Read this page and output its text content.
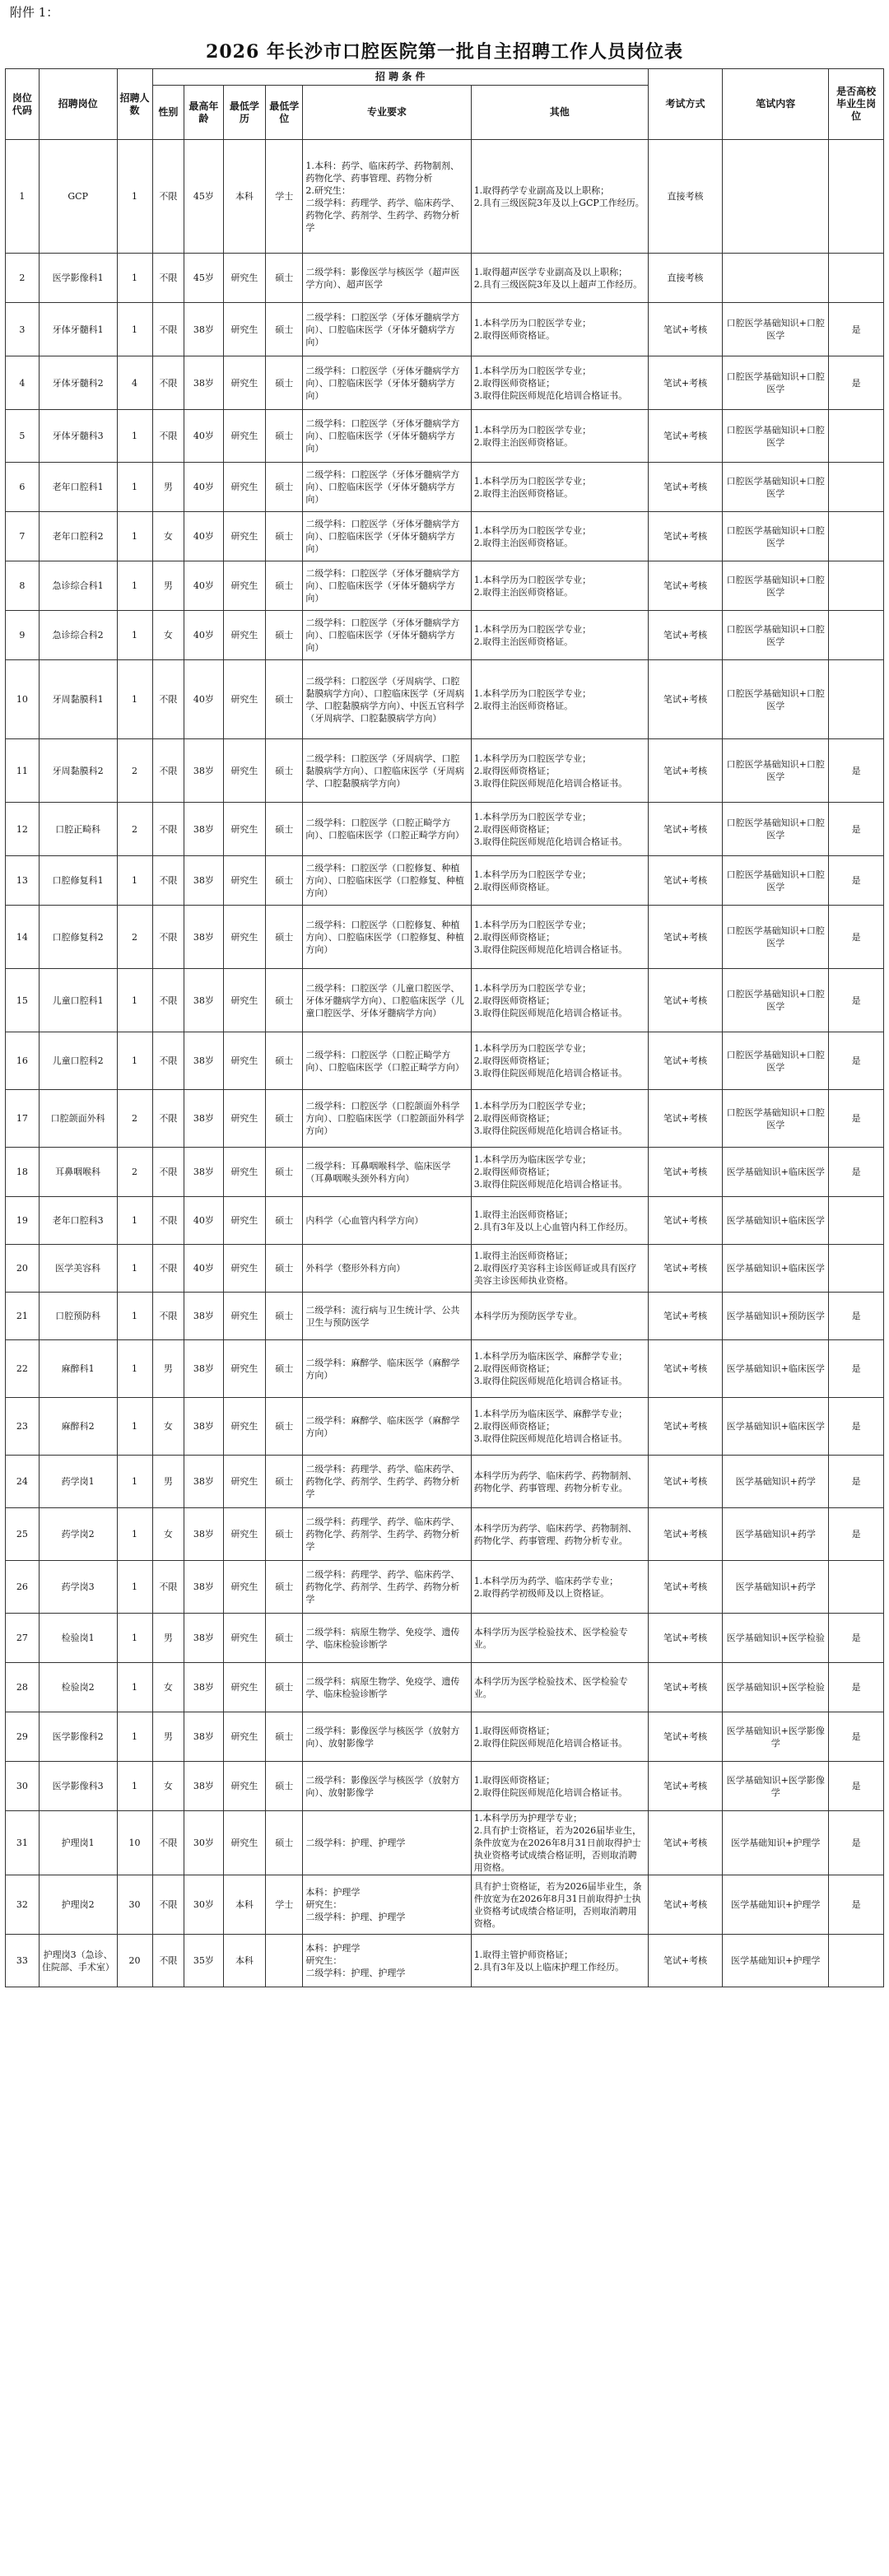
附件 1：
2026 年长沙市口腔医院第一批自主招聘工作人员岗位表
岗位代码	招聘岗位	招聘人数	招 聘 条 件						考试方式	笔试内容	是否高校毕业生岗位
			性别	最高年龄	最低学历	最低学位	专业要求	其他			
1	GCP	1	不限	45岁	本科	学士	1.本科：药学、临床药学、药物制剂、药物化学、药事管理、药物分析
2.研究生：
二级学科：药理学、药学、临床药学、药物化学、药剂学、生药学、药物分析学	1.取得药学专业副高及以上职称；
2.具有三级医院3年及以上GCP工作经历。	直接考核		
2	医学影像科1	1	不限	45岁	研究生	硕士	二级学科：影像医学与核医学（超声医学方向）、超声医学	1.取得超声医学专业副高及以上职称；
2.具有三级医院3年及以上超声工作经历。	直接考核		
3	牙体牙髓科1	1	不限	38岁	研究生	硕士	二级学科：口腔医学（牙体牙髓病学方向）、口腔临床医学（牙体牙髓病学方向）	1.本科学历为口腔医学专业；
2.取得医师资格证。	笔试+考核	口腔医学基础知识+口腔医学	是
4	牙体牙髓科2	4	不限	38岁	研究生	硕士	二级学科：口腔医学（牙体牙髓病学方向）、口腔临床医学（牙体牙髓病学方向）	1.本科学历为口腔医学专业；
2.取得医师资格证；
3.取得住院医师规范化培训合格证书。	笔试+考核	口腔医学基础知识+口腔医学	是
5	牙体牙髓科3	1	不限	40岁	研究生	硕士	二级学科：口腔医学（牙体牙髓病学方向）、口腔临床医学（牙体牙髓病学方向）	1.本科学历为口腔医学专业；
2.取得主治医师资格证。	笔试+考核	口腔医学基础知识+口腔医学	
6	老年口腔科1	1	男	40岁	研究生	硕士	二级学科：口腔医学（牙体牙髓病学方向）、口腔临床医学（牙体牙髓病学方向）	1.本科学历为口腔医学专业；
2.取得主治医师资格证。	笔试+考核	口腔医学基础知识+口腔医学	
7	老年口腔科2	1	女	40岁	研究生	硕士	二级学科：口腔医学（牙体牙髓病学方向）、口腔临床医学（牙体牙髓病学方向）	1.本科学历为口腔医学专业；
2.取得主治医师资格证。	笔试+考核	口腔医学基础知识+口腔医学	
8	急诊综合科1	1	男	40岁	研究生	硕士	二级学科：口腔医学（牙体牙髓病学方向）、口腔临床医学（牙体牙髓病学方向）	1.本科学历为口腔医学专业；
2.取得主治医师资格证。	笔试+考核	口腔医学基础知识+口腔医学	
9	急诊综合科2	1	女	40岁	研究生	硕士	二级学科：口腔医学（牙体牙髓病学方向）、口腔临床医学（牙体牙髓病学方向）	1.本科学历为口腔医学专业；
2.取得主治医师资格证。	笔试+考核	口腔医学基础知识+口腔医学	
10	牙周黏膜科1	1	不限	40岁	研究生	硕士	二级学科：口腔医学（牙周病学、口腔黏膜病学方向）、口腔临床医学（牙周病学、口腔黏膜病学方向）、中医五官科学（牙周病学、口腔黏膜病学方向）	1.本科学历为口腔医学专业；
2.取得主治医师资格证。	笔试+考核	口腔医学基础知识+口腔医学	
11	牙周黏膜科2	2	不限	38岁	研究生	硕士	二级学科：口腔医学（牙周病学、口腔黏膜病学方向）、口腔临床医学（牙周病学、口腔黏膜病学方向）	1.本科学历为口腔医学专业；
2.取得医师资格证；
3.取得住院医师规范化培训合格证书。	笔试+考核	口腔医学基础知识+口腔医学	是
12	口腔正畸科	2	不限	38岁	研究生	硕士	二级学科：口腔医学（口腔正畸学方向）、口腔临床医学（口腔正畸学方向）	1.本科学历为口腔医学专业；
2.取得医师资格证；
3.取得住院医师规范化培训合格证书。	笔试+考核	口腔医学基础知识+口腔医学	是
13	口腔修复科1	1	不限	38岁	研究生	硕士	二级学科：口腔医学（口腔修复、种植方向）、口腔临床医学（口腔修复、种植方向）	1.本科学历为口腔医学专业；
2.取得医师资格证。	笔试+考核	口腔医学基础知识+口腔医学	是
14	口腔修复科2	2	不限	38岁	研究生	硕士	二级学科：口腔医学（口腔修复、种植方向）、口腔临床医学（口腔修复、种植方向）	1.本科学历为口腔医学专业；
2.取得医师资格证；
3.取得住院医师规范化培训合格证书。	笔试+考核	口腔医学基础知识+口腔医学	是
15	儿童口腔科1	1	不限	38岁	研究生	硕士	二级学科：口腔医学（儿童口腔医学、牙体牙髓病学方向）、口腔临床医学（儿童口腔医学、牙体牙髓病学方向）	1.本科学历为口腔医学专业；
2.取得医师资格证；
3.取得住院医师规范化培训合格证书。	笔试+考核	口腔医学基础知识+口腔医学	是
16	儿童口腔科2	1	不限	38岁	研究生	硕士	二级学科：口腔医学（口腔正畸学方向）、口腔临床医学（口腔正畸学方向）	1.本科学历为口腔医学专业；
2.取得医师资格证；
3.取得住院医师规范化培训合格证书。	笔试+考核	口腔医学基础知识+口腔医学	是
17	口腔颌面外科	2	不限	38岁	研究生	硕士	二级学科：口腔医学（口腔颌面外科学方向）、口腔临床医学（口腔颌面外科学方向）	1.本科学历为口腔医学专业；
2.取得医师资格证；
3.取得住院医师规范化培训合格证书。	笔试+考核	口腔医学基础知识+口腔医学	是
18	耳鼻咽喉科	2	不限	38岁	研究生	硕士	二级学科：耳鼻咽喉科学、临床医学（耳鼻咽喉头颈外科方向）	1.本科学历为临床医学专业；
2.取得医师资格证；
3.取得住院医师规范化培训合格证书。	笔试+考核	医学基础知识+临床医学	是
19	老年口腔科3	1	不限	40岁	研究生	硕士	内科学（心血管内科学方向）	1.取得主治医师资格证；
2.具有3年及以上心血管内科工作经历。	笔试+考核	医学基础知识+临床医学	
20	医学美容科	1	不限	40岁	研究生	硕士	外科学（整形外科方向）	1.取得主治医师资格证；
2.取得医疗美容科主诊医师证或具有医疗美容主诊医师执业资格。	笔试+考核	医学基础知识+临床医学	
21	口腔预防科	1	不限	38岁	研究生	硕士	二级学科：流行病与卫生统计学、公共卫生与预防医学	本科学历为预防医学专业。	笔试+考核	医学基础知识+预防医学	是
22	麻醉科1	1	男	38岁	研究生	硕士	二级学科：麻醉学、临床医学（麻醉学方向）	1.本科学历为临床医学、麻醉学专业；
2.取得医师资格证；
3.取得住院医师规范化培训合格证书。	笔试+考核	医学基础知识+临床医学	是
23	麻醉科2	1	女	38岁	研究生	硕士	二级学科：麻醉学、临床医学（麻醉学方向）	1.本科学历为临床医学、麻醉学专业；
2.取得医师资格证；
3.取得住院医师规范化培训合格证书。	笔试+考核	医学基础知识+临床医学	是
24	药学岗1	1	男	38岁	研究生	硕士	二级学科：药理学、药学、临床药学、药物化学、药剂学、生药学、药物分析学	本科学历为药学、临床药学、药物制剂、药物化学、药事管理、药物分析专业。	笔试+考核	医学基础知识+药学	是
25	药学岗2	1	女	38岁	研究生	硕士	二级学科：药理学、药学、临床药学、药物化学、药剂学、生药学、药物分析学	本科学历为药学、临床药学、药物制剂、药物化学、药事管理、药物分析专业。	笔试+考核	医学基础知识+药学	是
26	药学岗3	1	不限	38岁	研究生	硕士	二级学科：药理学、药学、临床药学、药物化学、药剂学、生药学、药物分析学	1.本科学历为药学、临床药学专业；
2.取得药学初级师及以上资格证。	笔试+考核	医学基础知识+药学	
27	检验岗1	1	男	38岁	研究生	硕士	二级学科：病原生物学、免疫学、遗传学、临床检验诊断学	本科学历为医学检验技术、医学检验专业。	笔试+考核	医学基础知识+医学检验	是
28	检验岗2	1	女	38岁	研究生	硕士	二级学科：病原生物学、免疫学、遗传学、临床检验诊断学	本科学历为医学检验技术、医学检验专业。	笔试+考核	医学基础知识+医学检验	是
29	医学影像科2	1	男	38岁	研究生	硕士	二级学科：影像医学与核医学（放射方向）、放射影像学	1.取得医师资格证；
2.取得住院医师规范化培训合格证书。	笔试+考核	医学基础知识+医学影像学	是
30	医学影像科3	1	女	38岁	研究生	硕士	二级学科：影像医学与核医学（放射方向）、放射影像学	1.取得医师资格证；
2.取得住院医师规范化培训合格证书。	笔试+考核	医学基础知识+医学影像学	是
31	护理岗1	10	不限	30岁	研究生	硕士	二级学科：护理、护理学	1.本科学历为护理学专业；
2.具有护士资格证，若为2026届毕业生，条件放宽为在2026年8月31日前取得护士执业资格考试成绩合格证明，否则取消聘用资格。	笔试+考核	医学基础知识+护理学	是
32	护理岗2	30	不限	30岁	本科	学士	本科：护理学
研究生：
二级学科：护理、护理学	具有护士资格证，若为2026届毕业生，条件放宽为在2026年8月31日前取得护士执业资格考试成绩合格证明，否则取消聘用资格。	笔试+考核	医学基础知识+护理学	是
33	护理岗3（急诊、住院部、手术室）	20	不限	35岁	本科		本科：护理学
研究生：
二级学科：护理、护理学	1.取得主管护师资格证；
2.具有3年及以上临床护理工作经历。	笔试+考核	医学基础知识+护理学	
